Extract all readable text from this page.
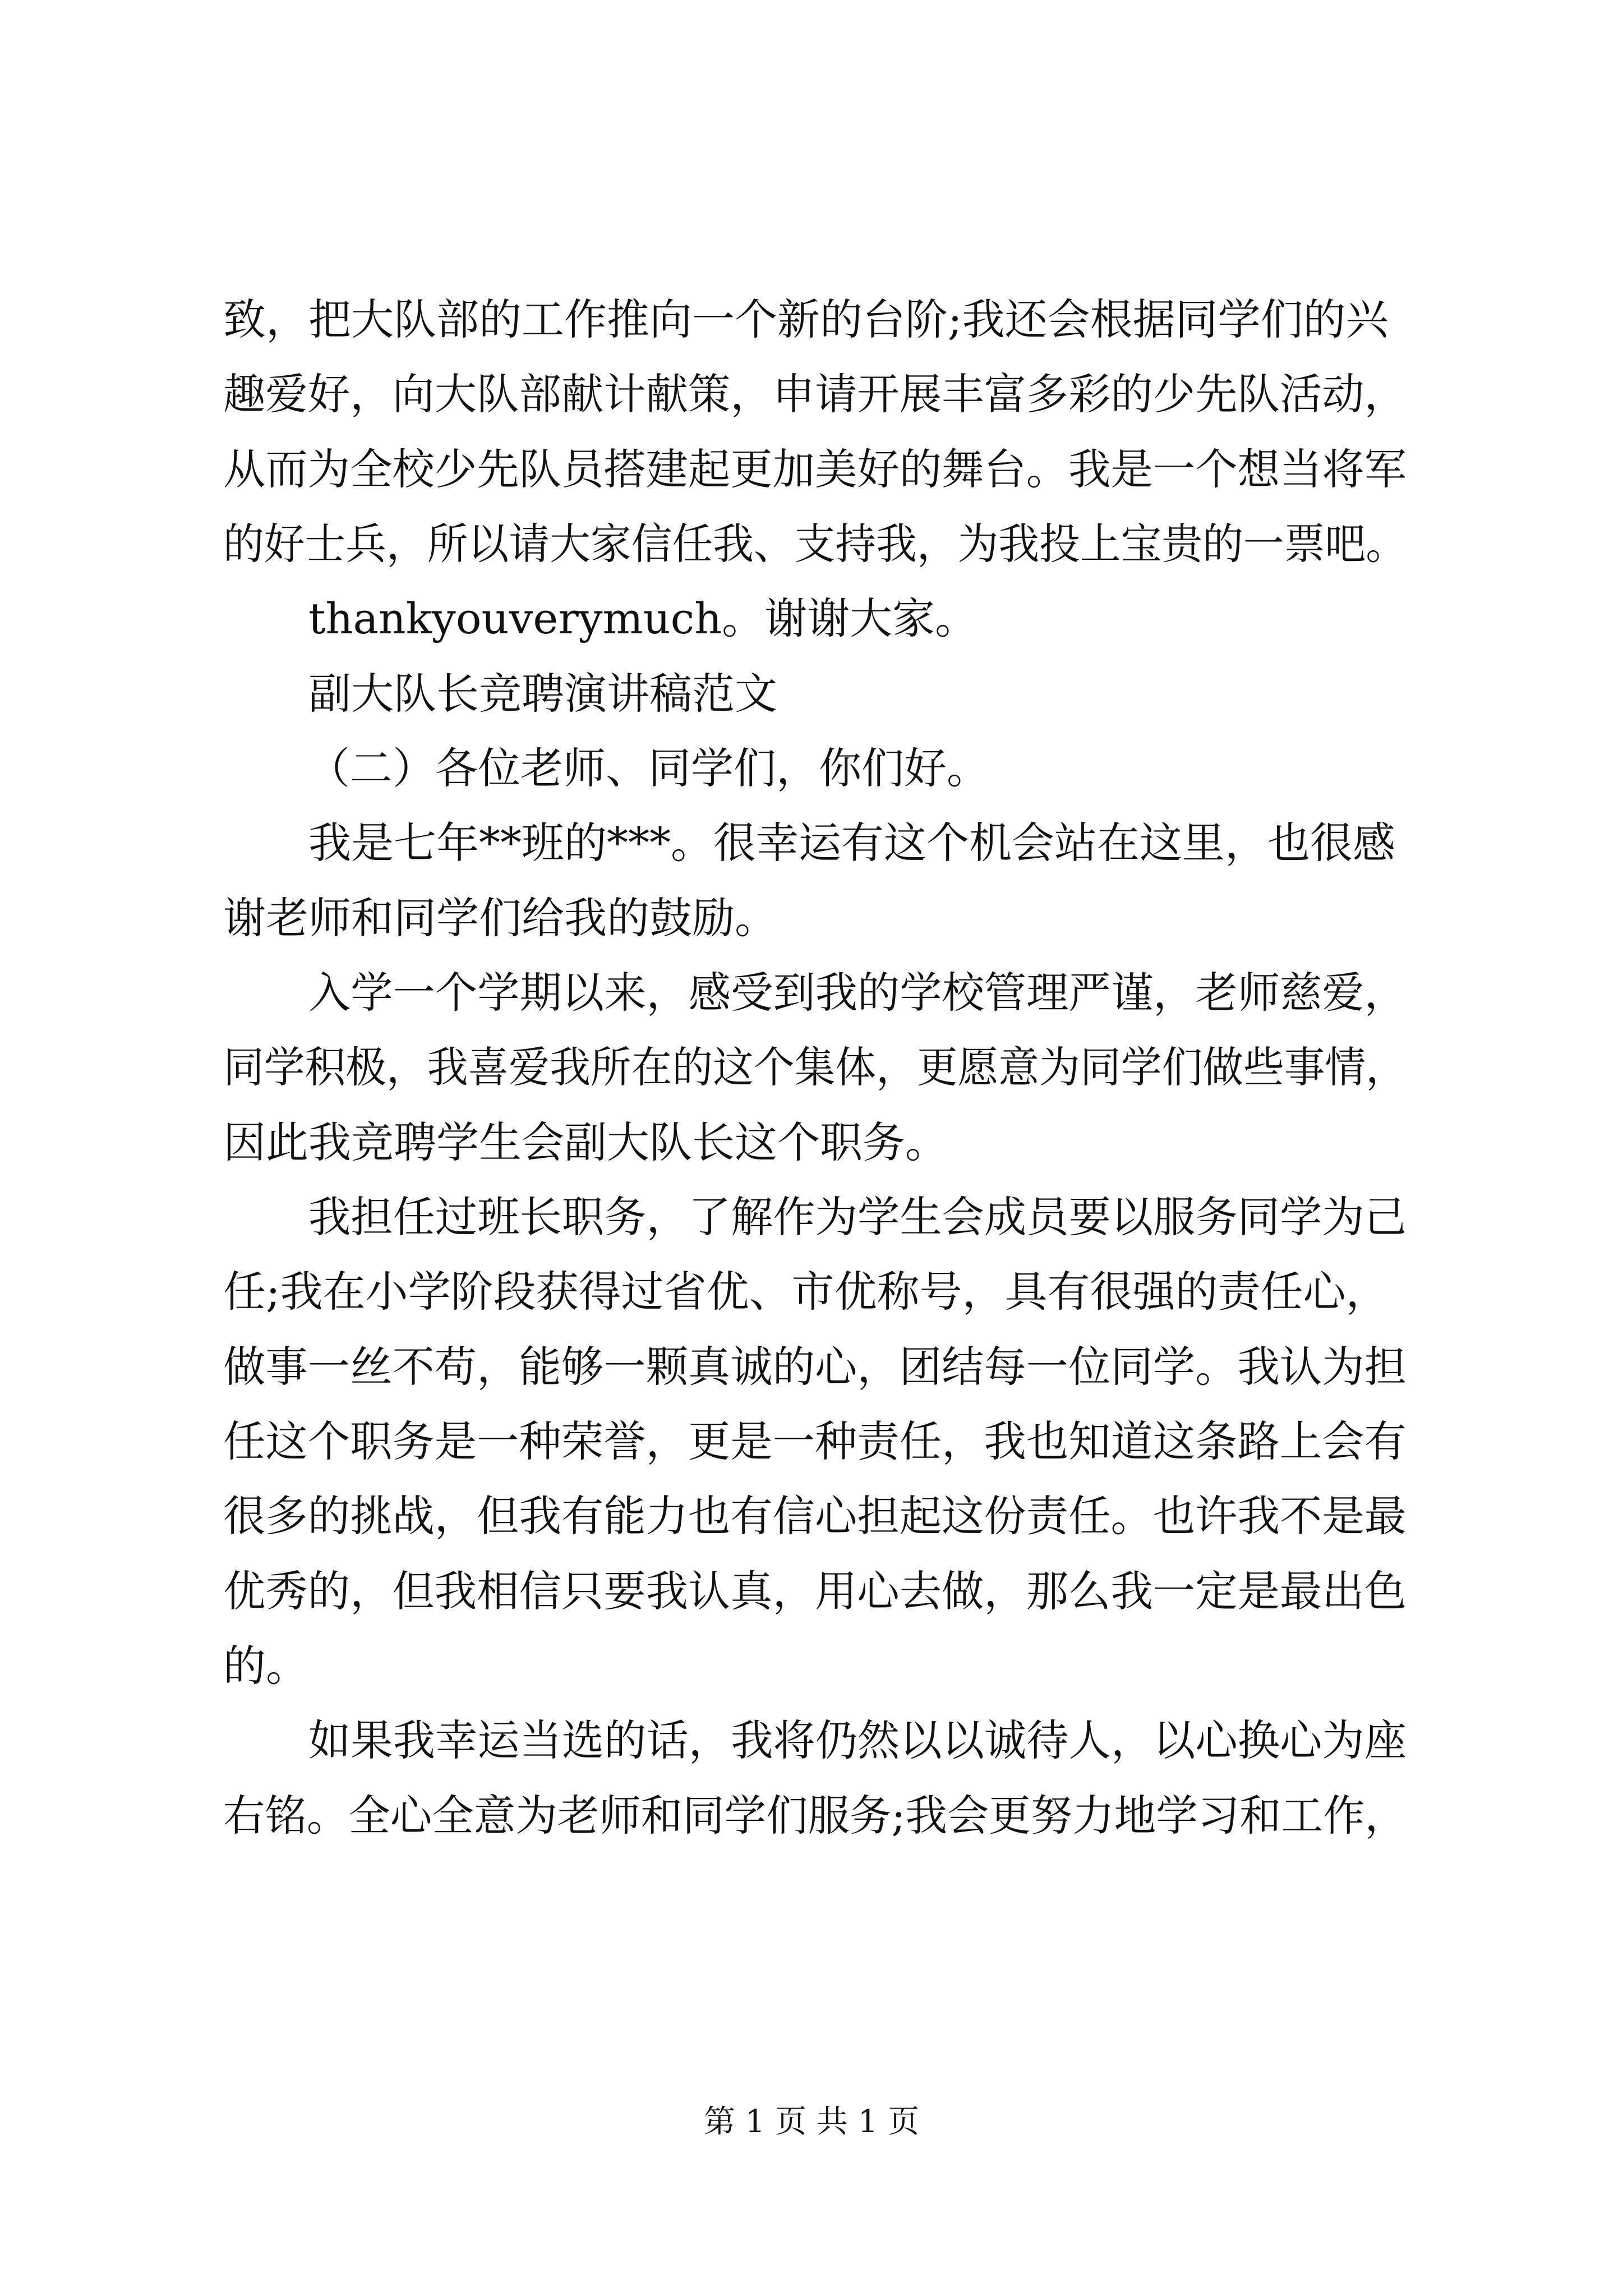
致，把大队部的工作推向一个新的台阶;我还会根据同学们的兴
趣爱好，向大队部献计献策，申请开展丰富多彩的少先队活动，
从而为全校少先队员搭建起更加美好的舞台。我是一个想当将军
的好士兵，所以请大家信任我、支持我，为我投上宝贵的一票吧。
thankyouverymuch。谢谢大家。
副大队长竞聘演讲稿范文
（二）各位老师、同学们，你们好。
我是七年**班的***。很幸运有这个机会站在这里，也很感
谢老师和同学们给我的鼓励。
入学一个学期以来，感受到我的学校管理严谨，老师慈爱，
同学积极，我喜爱我所在的这个集体，更愿意为同学们做些事情，
因此我竞聘学生会副大队长这个职务。
我担任过班长职务，了解作为学生会成员要以服务同学为己
任;我在小学阶段获得过省优、市优称号，具有很强的责任心，
做事一丝不苟，能够一颗真诚的心，团结每一位同学。我认为担
任这个职务是一种荣誉，更是一种责任，我也知道这条路上会有
很多的挑战，但我有能力也有信心担起这份责任。也许我不是最
优秀的，但我相信只要我认真，用心去做，那么我一定是最出色
的。
如果我幸运当选的话，我将仍然以以诚待人，以心换心为座
右铭。全心全意为老师和同学们服务;我会更努力地学习和工作，
第 1 页 共 1 页
